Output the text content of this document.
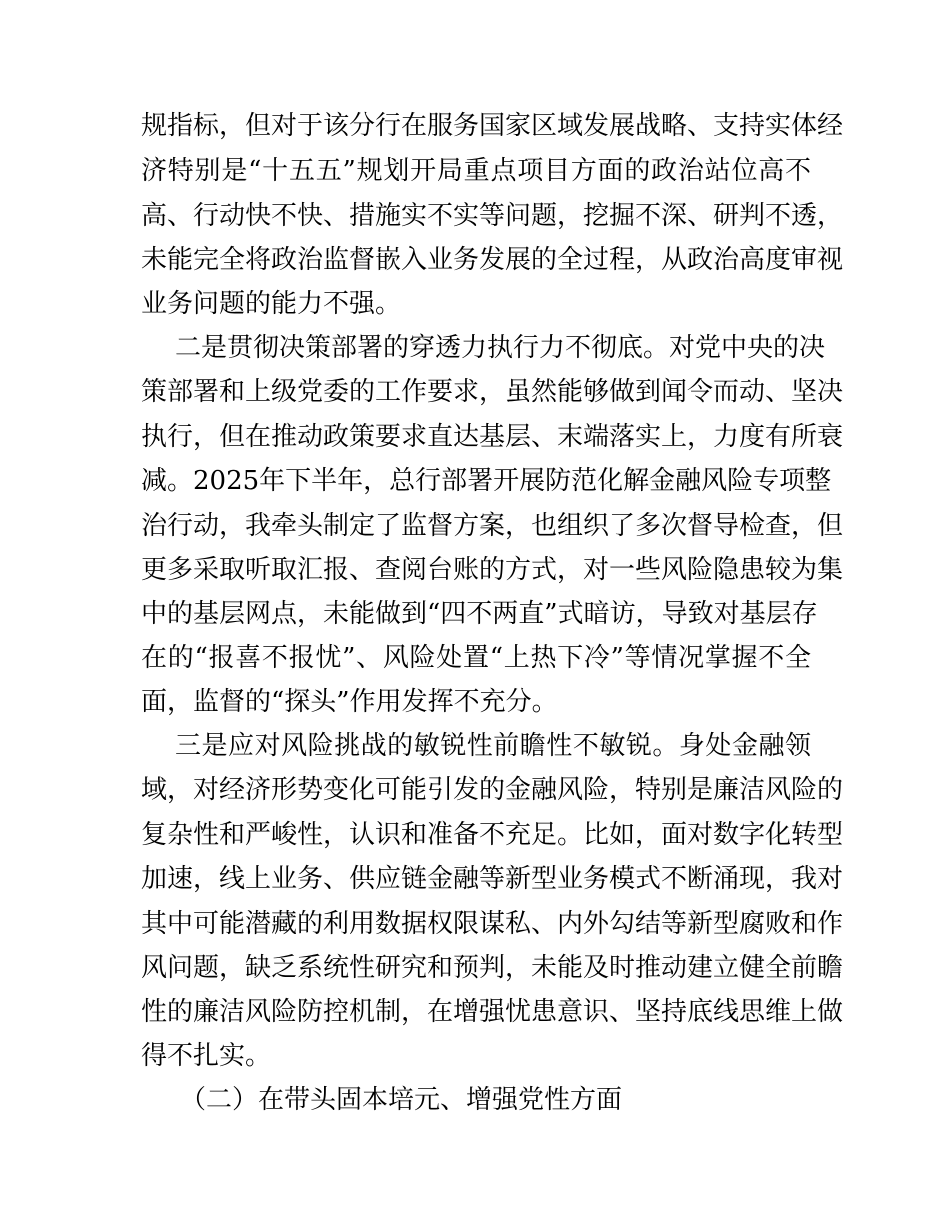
规指标，但对于该分行在服务国家区域发展战略、支持实体经
济特别是“十五五”规划开局重点项目方面的政治站位高不
高、行动快不快、措施实不实等问题，挖掘不深、研判不透，
未能完全将政治监督嵌入业务发展的全过程，从政治高度审视
业务问题的能力不强。
二是贯彻决策部署的穿透力执行力不彻底。对党中央的决
策部署和上级党委的工作要求，虽然能够做到闻令而动、坚决
执行，但在推动政策要求直达基层、末端落实上，力度有所衰
减。2025年下半年，总行部署开展防范化解金融风险专项整
治行动，我牵头制定了监督方案，也组织了多次督导检查，但
更多采取听取汇报、查阅台账的方式，对一些风险隐患较为集
中的基层网点，未能做到“四不两直”式暗访，导致对基层存
在的“报喜不报忧”、风险处置“上热下冷”等情况掌握不全
面，监督的“探头”作用发挥不充分。
三是应对风险挑战的敏锐性前瞻性不敏锐。身处金融领
域，对经济形势变化可能引发的金融风险，特别是廉洁风险的
复杂性和严峻性，认识和准备不充足。比如，面对数字化转型
加速，线上业务、供应链金融等新型业务模式不断涌现，我对
其中可能潜藏的利用数据权限谋私、内外勾结等新型腐败和作
风问题，缺乏系统性研究和预判，未能及时推动建立健全前瞻
性的廉洁风险防控机制，在增强忧患意识、坚持底线思维上做
得不扎实。
（二）在带头固本培元、增强党性方面
